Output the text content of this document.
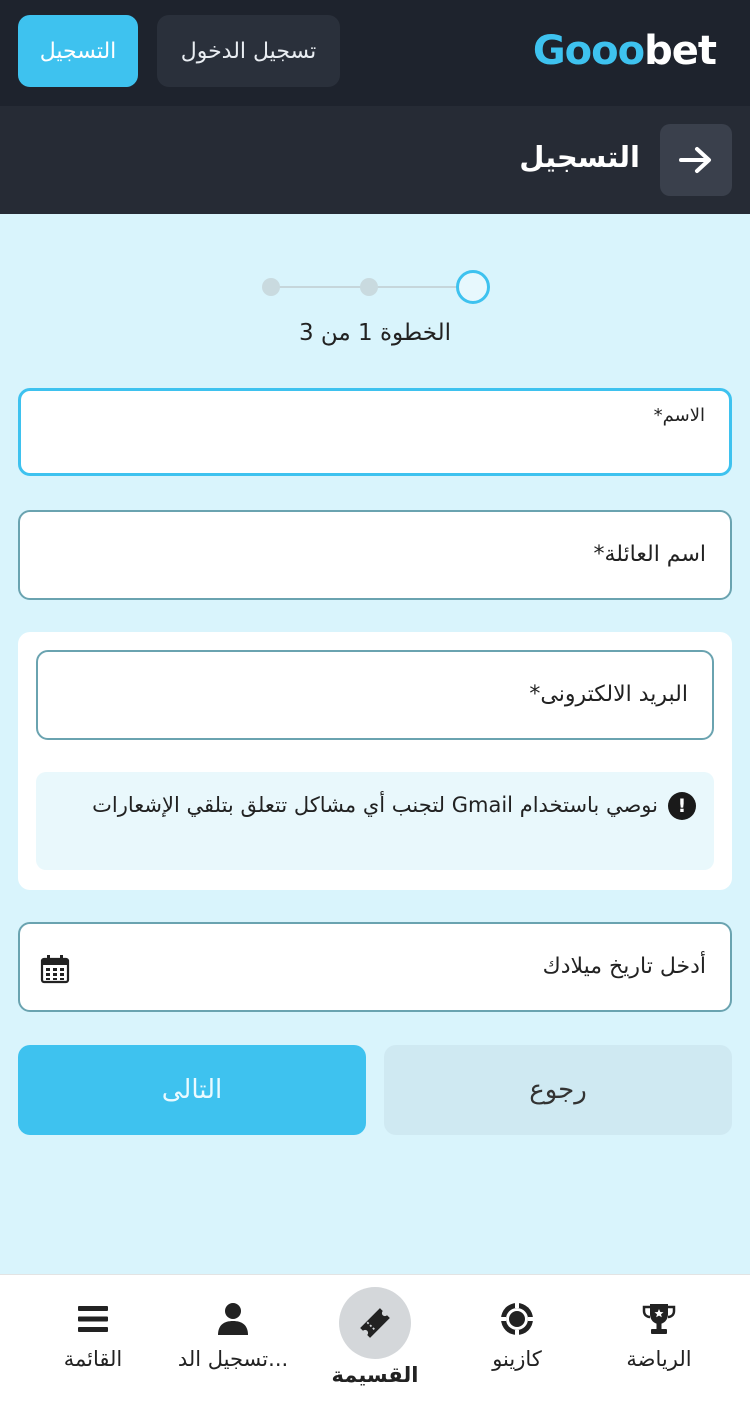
التسجيل	تسجيل الدخول	Gooo bet
التسجيل
الخطوة 1 من 3
الاسم*
اسم العائلة*
البريد الالكترونى*
!
نوصي باستخدام Gmail لتجنب أي مشاكل تتعلق بتلقي الإشعارات
أدخل تاريخ ميلادك
التالى	رجوع
الرياضة
كازينو
القسيمة
تسجيل الد...
القائمة
